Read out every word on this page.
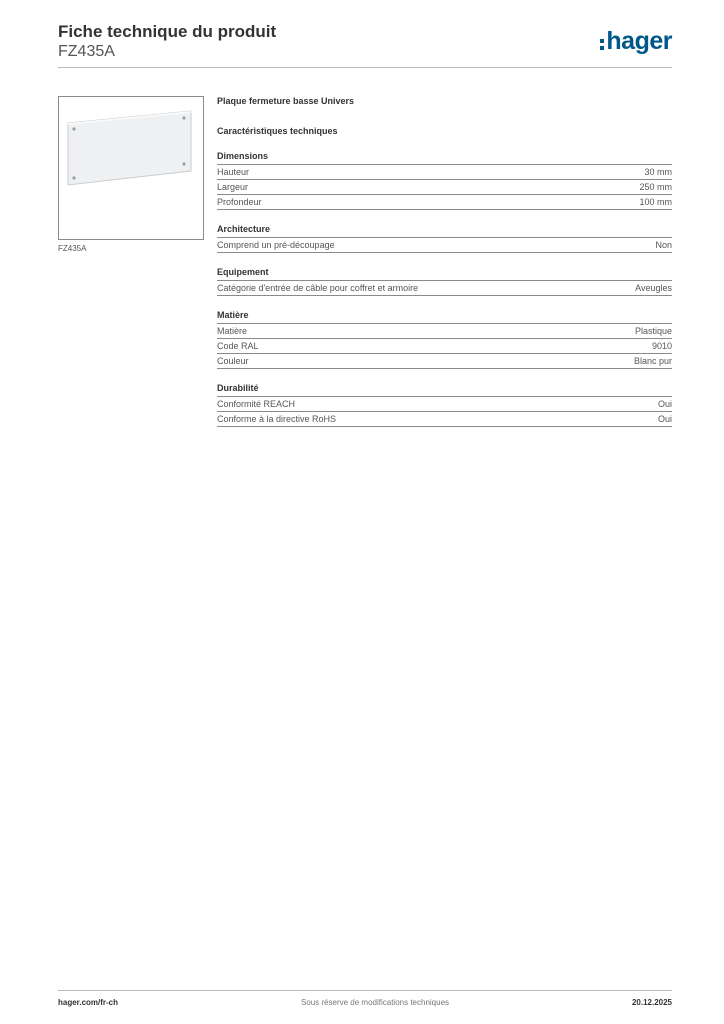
Fiche technique du produit
FZ435A	hager
FZ435A
Plaque fermeture basse Univers
Caractéristiques techniques
Dimensions
Hauteur	30 mm
Largeur	250 mm
Profondeur	100 mm
Architecture
Comprend un pré-découpage	Non
Equipement
Catégorie d'entrée de câble pour coffret et armoire	Aveugles
Matière
Matière	Plastique
Code RAL	9010
Couleur	Blanc pur
Durabilité
Conformité REACH	Oui
Conforme à la directive RoHS	Oui
hager.com/fr-ch	Sous réserve de modifications techniques	20.12.2025
